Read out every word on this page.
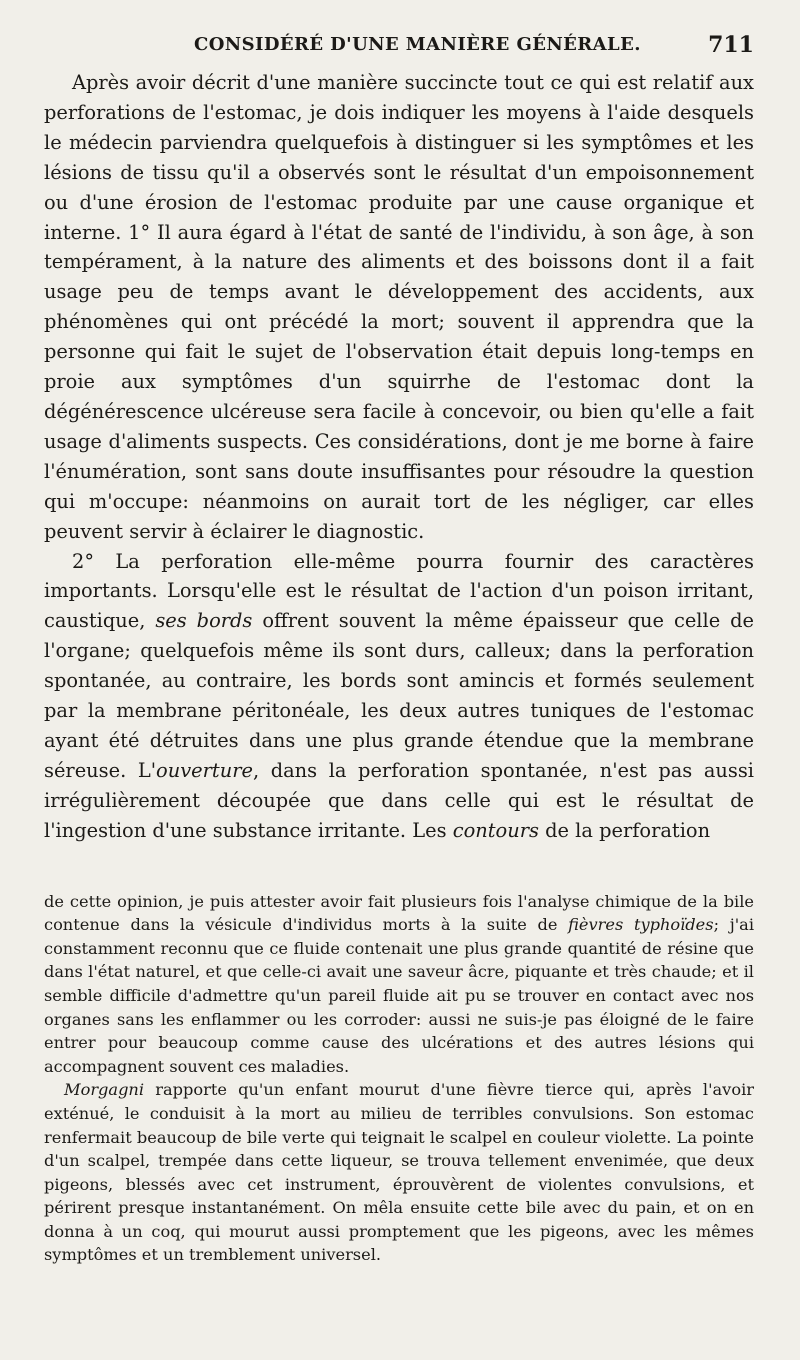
CONSIDÉRÉ D'UNE MANIÈRE GÉNÉRALE.	711

Après avoir décrit d'une manière succincte tout ce qui est relatif aux perforations de l'estomac, je dois indiquer les moyens à l'aide desquels le médecin parviendra quelquefois à distinguer si les symptômes et les lésions de tissu qu'il a observés sont le résultat d'un empoisonnement ou d'une érosion de l'estomac produite par une cause organique et interne. 1° Il aura égard à l'état de santé de l'individu, à son âge, à son tempérament, à la nature des aliments et des boissons dont il a fait usage peu de temps avant le développement des accidents, aux phénomènes qui ont précédé la mort; souvent il apprendra que la personne qui fait le sujet de l'observation était depuis long-temps en proie aux symptômes d'un squirrhe de l'estomac dont la dégénérescence ulcéreuse sera facile à concevoir, ou bien qu'elle a fait usage d'aliments suspects. Ces considérations, dont je me borne à faire l'énumération, sont sans doute insuffisantes pour résoudre la question qui m'occupe: néanmoins on aurait tort de les négliger, car elles peuvent servir à éclairer le diagnostic.

2° La perforation elle-même pourra fournir des caractères importants. Lorsqu'elle est le résultat de l'action d'un poison irritant, caustique, ses bords offrent souvent la même épaisseur que celle de l'organe; quelquefois même ils sont durs, calleux; dans la perforation spontanée, au contraire, les bords sont amincis et formés seulement par la membrane péritonéale, les deux autres tuniques de l'estomac ayant été détruites dans une plus grande étendue que la membrane séreuse. L'ouverture, dans la perforation spontanée, n'est pas aussi irrégulièrement découpée que dans celle qui est le résultat de l'ingestion d'une substance irritante. Les contours de la perforation

de cette opinion, je puis attester avoir fait plusieurs fois l'analyse chimique de la bile contenue dans la vésicule d'individus morts à la suite de fièvres typhoïdes; j'ai constamment reconnu que ce fluide contenait une plus grande quantité de résine que dans l'état naturel, et que celle-ci avait une saveur âcre, piquante et très chaude; et il semble difficile d'admettre qu'un pareil fluide ait pu se trouver en contact avec nos organes sans les enflammer ou les corroder: aussi ne suis-je pas éloigné de le faire entrer pour beaucoup comme cause des ulcérations et des autres lésions qui accompagnent souvent ces maladies.

Morgagni rapporte qu'un enfant mourut d'une fièvre tierce qui, après l'avoir exténué, le conduisit à la mort au milieu de terribles convulsions. Son estomac renfermait beaucoup de bile verte qui teignait le scalpel en couleur violette. La pointe d'un scalpel, trempée dans cette liqueur, se trouva tellement envenimée, que deux pigeons, blessés avec cet instrument, éprouvèrent de violentes convulsions, et périrent presque instantanément. On mêla ensuite cette bile avec du pain, et on en donna à un coq, qui mourut aussi promptement que les pigeons, avec les mêmes symptômes et un tremblement universel.
